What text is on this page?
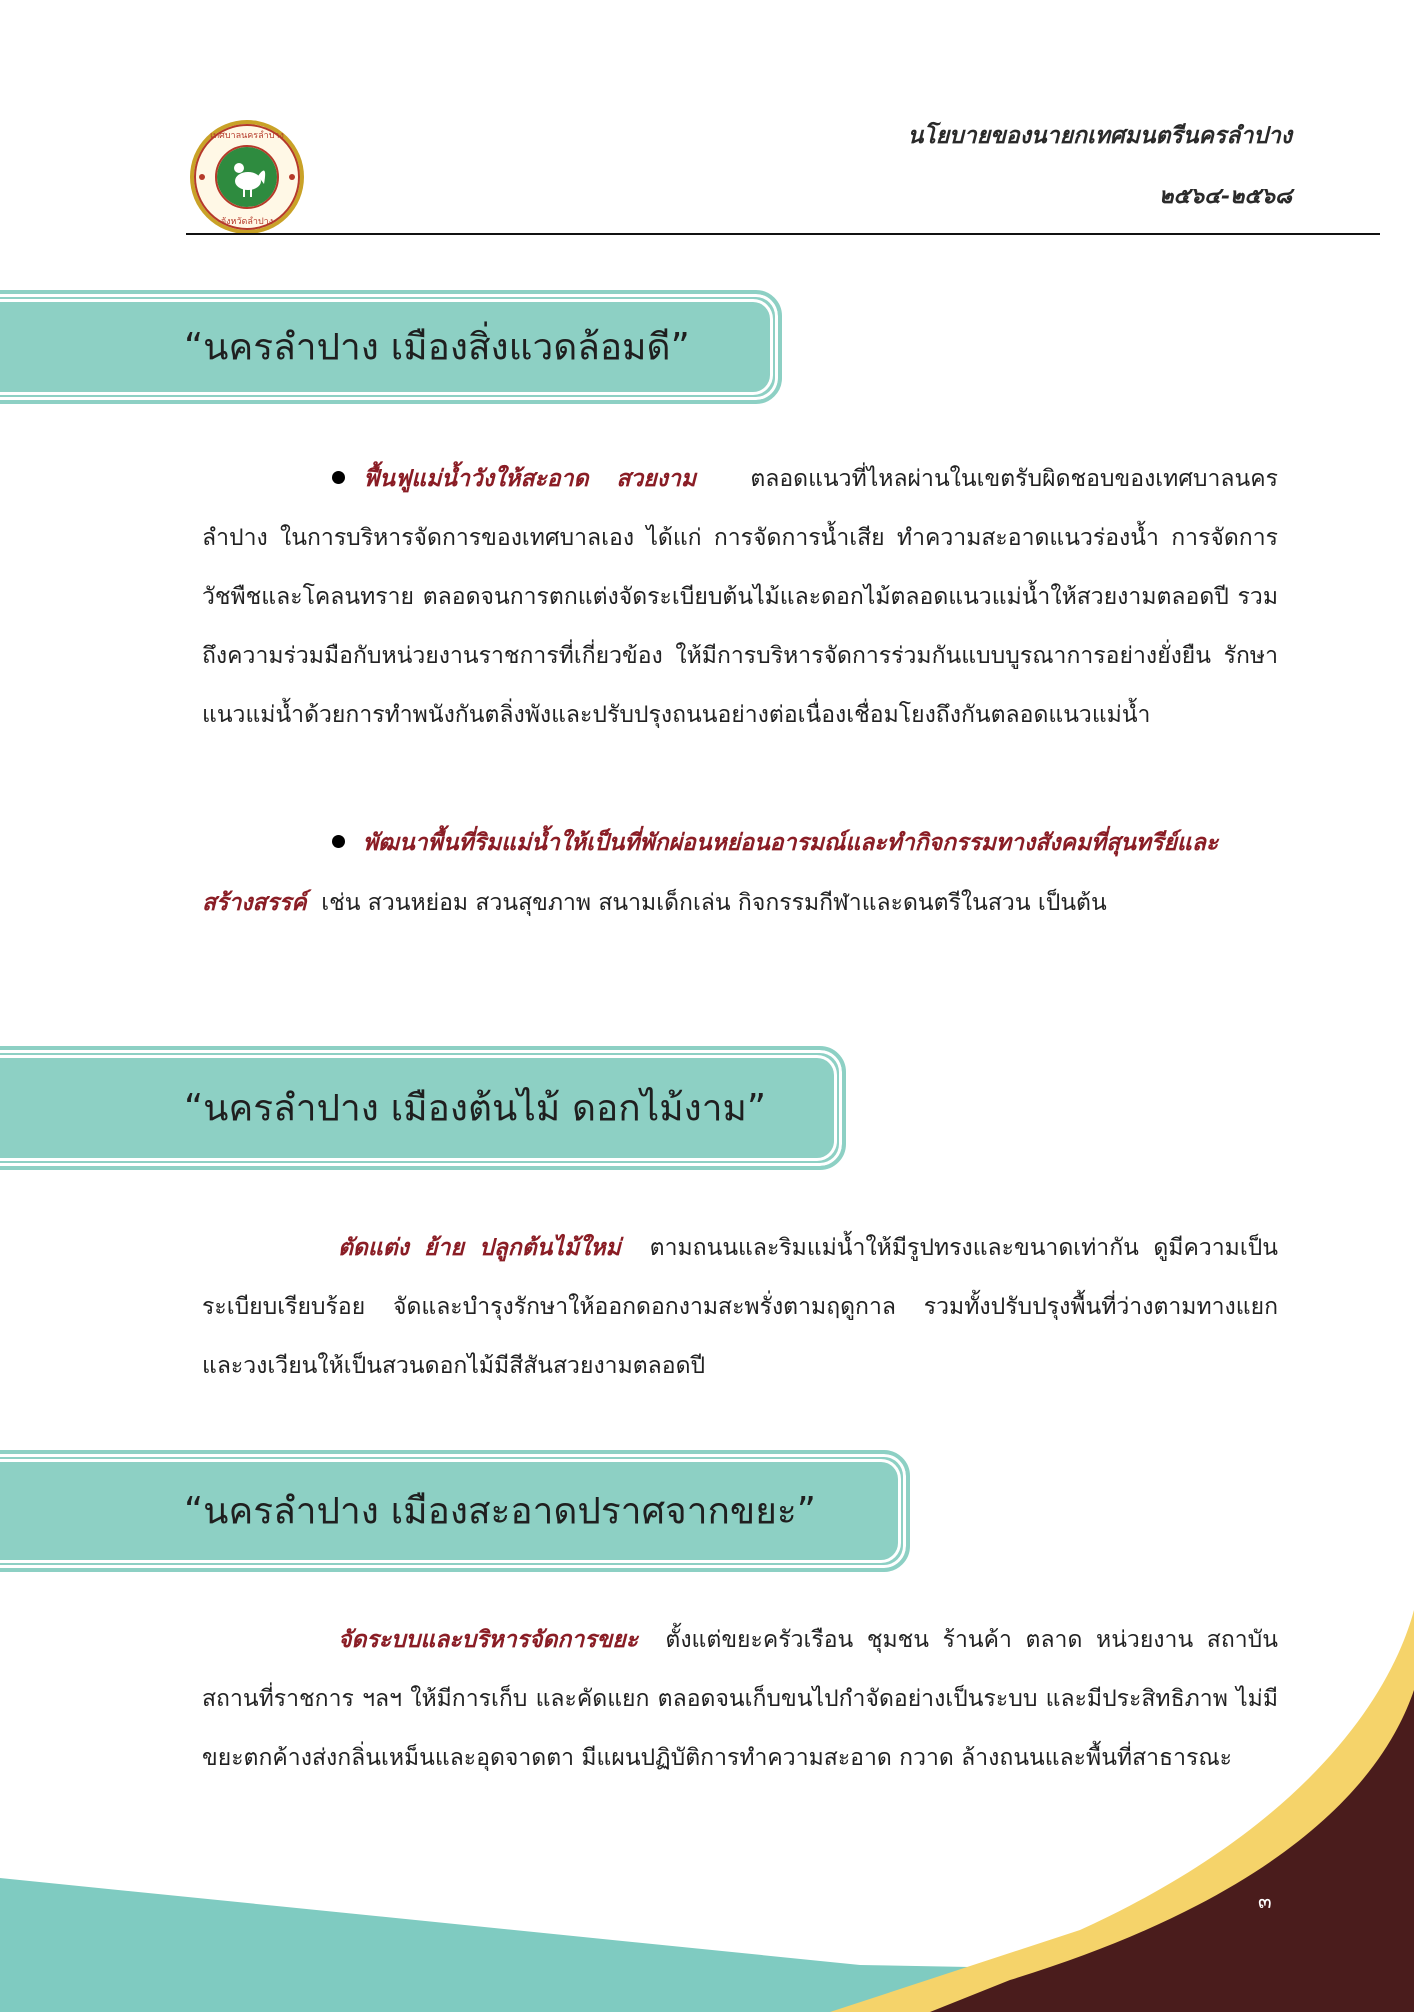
เทศบาลนครลำปาง
จังหวัดลำปาง
นโยบายของนายกเทศมนตรีนครลำปาง
๒๕๖๔-๒๕๖๘
“นครลำปาง เมืองสิ่งแวดล้อมดี”
ฟื้นฟูแม่น้ำวังให้สะอาด สวยงาม ตลอดแนวที่ไหลผ่านในเขตรับผิดชอบของเทศบาลนครลำปาง ในการบริหารจัดการของเทศบาลเอง ได้แก่ การจัดการน้ำเสีย ทำความสะอาดแนวร่องน้ำ การจัดการวัชพืชและโคลนทราย ตลอดจนการตกแต่งจัดระเบียบต้นไม้และดอกไม้ตลอดแนวแม่น้ำให้สวยงามตลอดปี รวมถึงความร่วมมือกับหน่วยงานราชการที่เกี่ยวข้อง ให้มีการบริหารจัดการร่วมกันแบบบูรณาการอย่างยั่งยืน รักษาแนวแม่น้ำด้วยการทำพนังกันตลิ่งพังและปรับปรุงถนนอย่างต่อเนื่องเชื่อมโยงถึงกันตลอดแนวแม่น้ำ
พัฒนาพื้นที่ริมแม่น้ำให้เป็นที่พักผ่อนหย่อนอารมณ์และทำกิจกรรมทางสังคมที่สุนทรีย์และสร้างสรรค์ เช่น สวนหย่อม สวนสุขภาพ สนามเด็กเล่น กิจกรรมกีฬาและดนตรีในสวน เป็นต้น
“นครลำปาง เมืองต้นไม้ ดอกไม้งาม”
ตัดแต่ง ย้าย ปลูกต้นไม้ใหม่ ตามถนนและริมแม่น้ำให้มีรูปทรงและขนาดเท่ากัน ดูมีความเป็นระเบียบเรียบร้อย จัดและบำรุงรักษาให้ออกดอกงามสะพรั่งตามฤดูกาล รวมทั้งปรับปรุงพื้นที่ว่างตามทางแยกและวงเวียนให้เป็นสวนดอกไม้มีสีสันสวยงามตลอดปี
“นครลำปาง เมืองสะอาดปราศจากขยะ”
จัดระบบและบริหารจัดการขยะ ตั้งแต่ขยะครัวเรือน ชุมชน ร้านค้า ตลาด หน่วยงาน สถาบัน สถานที่ราชการ ฯลฯ ให้มีการเก็บ และคัดแยก ตลอดจนเก็บขนไปกำจัดอย่างเป็นระบบ และมีประสิทธิภาพ ไม่มีขยะตกค้างส่งกลิ่นเหม็นและอุดจาดตา มีแผนปฏิบัติการทำความสะอาด กวาด ล้างถนนและพื้นที่สาธารณะ
๓
